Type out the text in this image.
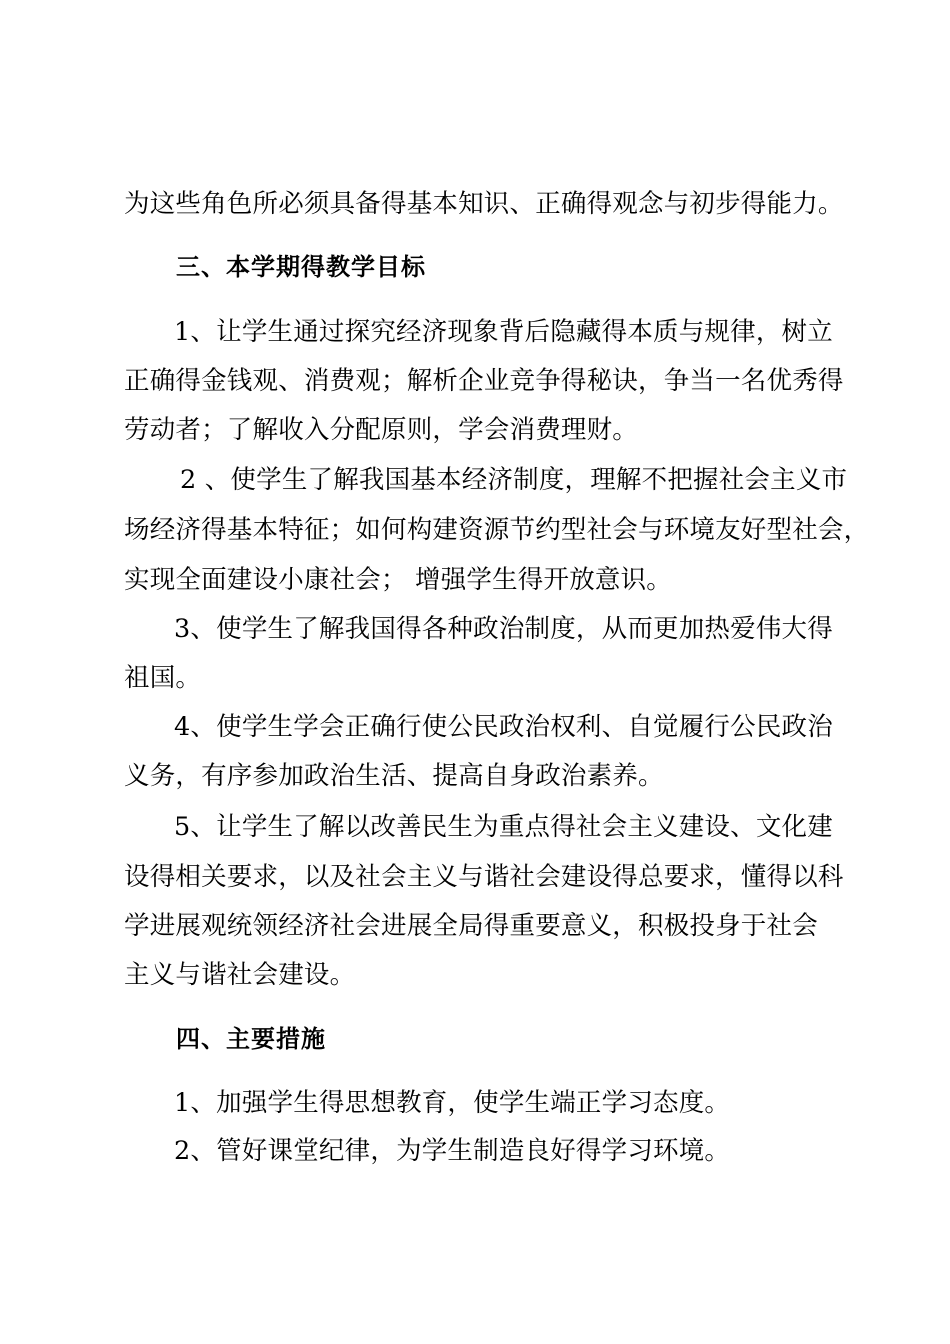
为这些角色所必须具备得基本知识、正确得观念与初步得能力。
三、本学期得教学目标
1、让学生通过探究经济现象背后隐藏得本质与规律，树立
正确得金钱观、消费观；解析企业竞争得秘诀，争当一名优秀得
劳动者；了解收入分配原则，学会消费理财。
2 、使学生了解我国基本经济制度，理解不把握社会主义市
场经济得基本特征；如何构建资源节约型社会与环境友好型社会，
实现全面建设小康社会； 增强学生得开放意识。
3、使学生了解我国得各种政治制度，从而更加热爱伟大得
祖国。
4、使学生学会正确行使公民政治权利、自觉履行公民政治
义务，有序参加政治生活、提高自身政治素养。
5、让学生了解以改善民生为重点得社会主义建设、文化建
设得相关要求，以及社会主义与谐社会建设得总要求，懂得以科
学进展观统领经济社会进展全局得重要意义，积极投身于社会
主义与谐社会建设。
四、主要措施
1、加强学生得思想教育，使学生端正学习态度。
2、管好课堂纪律，为学生制造良好得学习环境。
